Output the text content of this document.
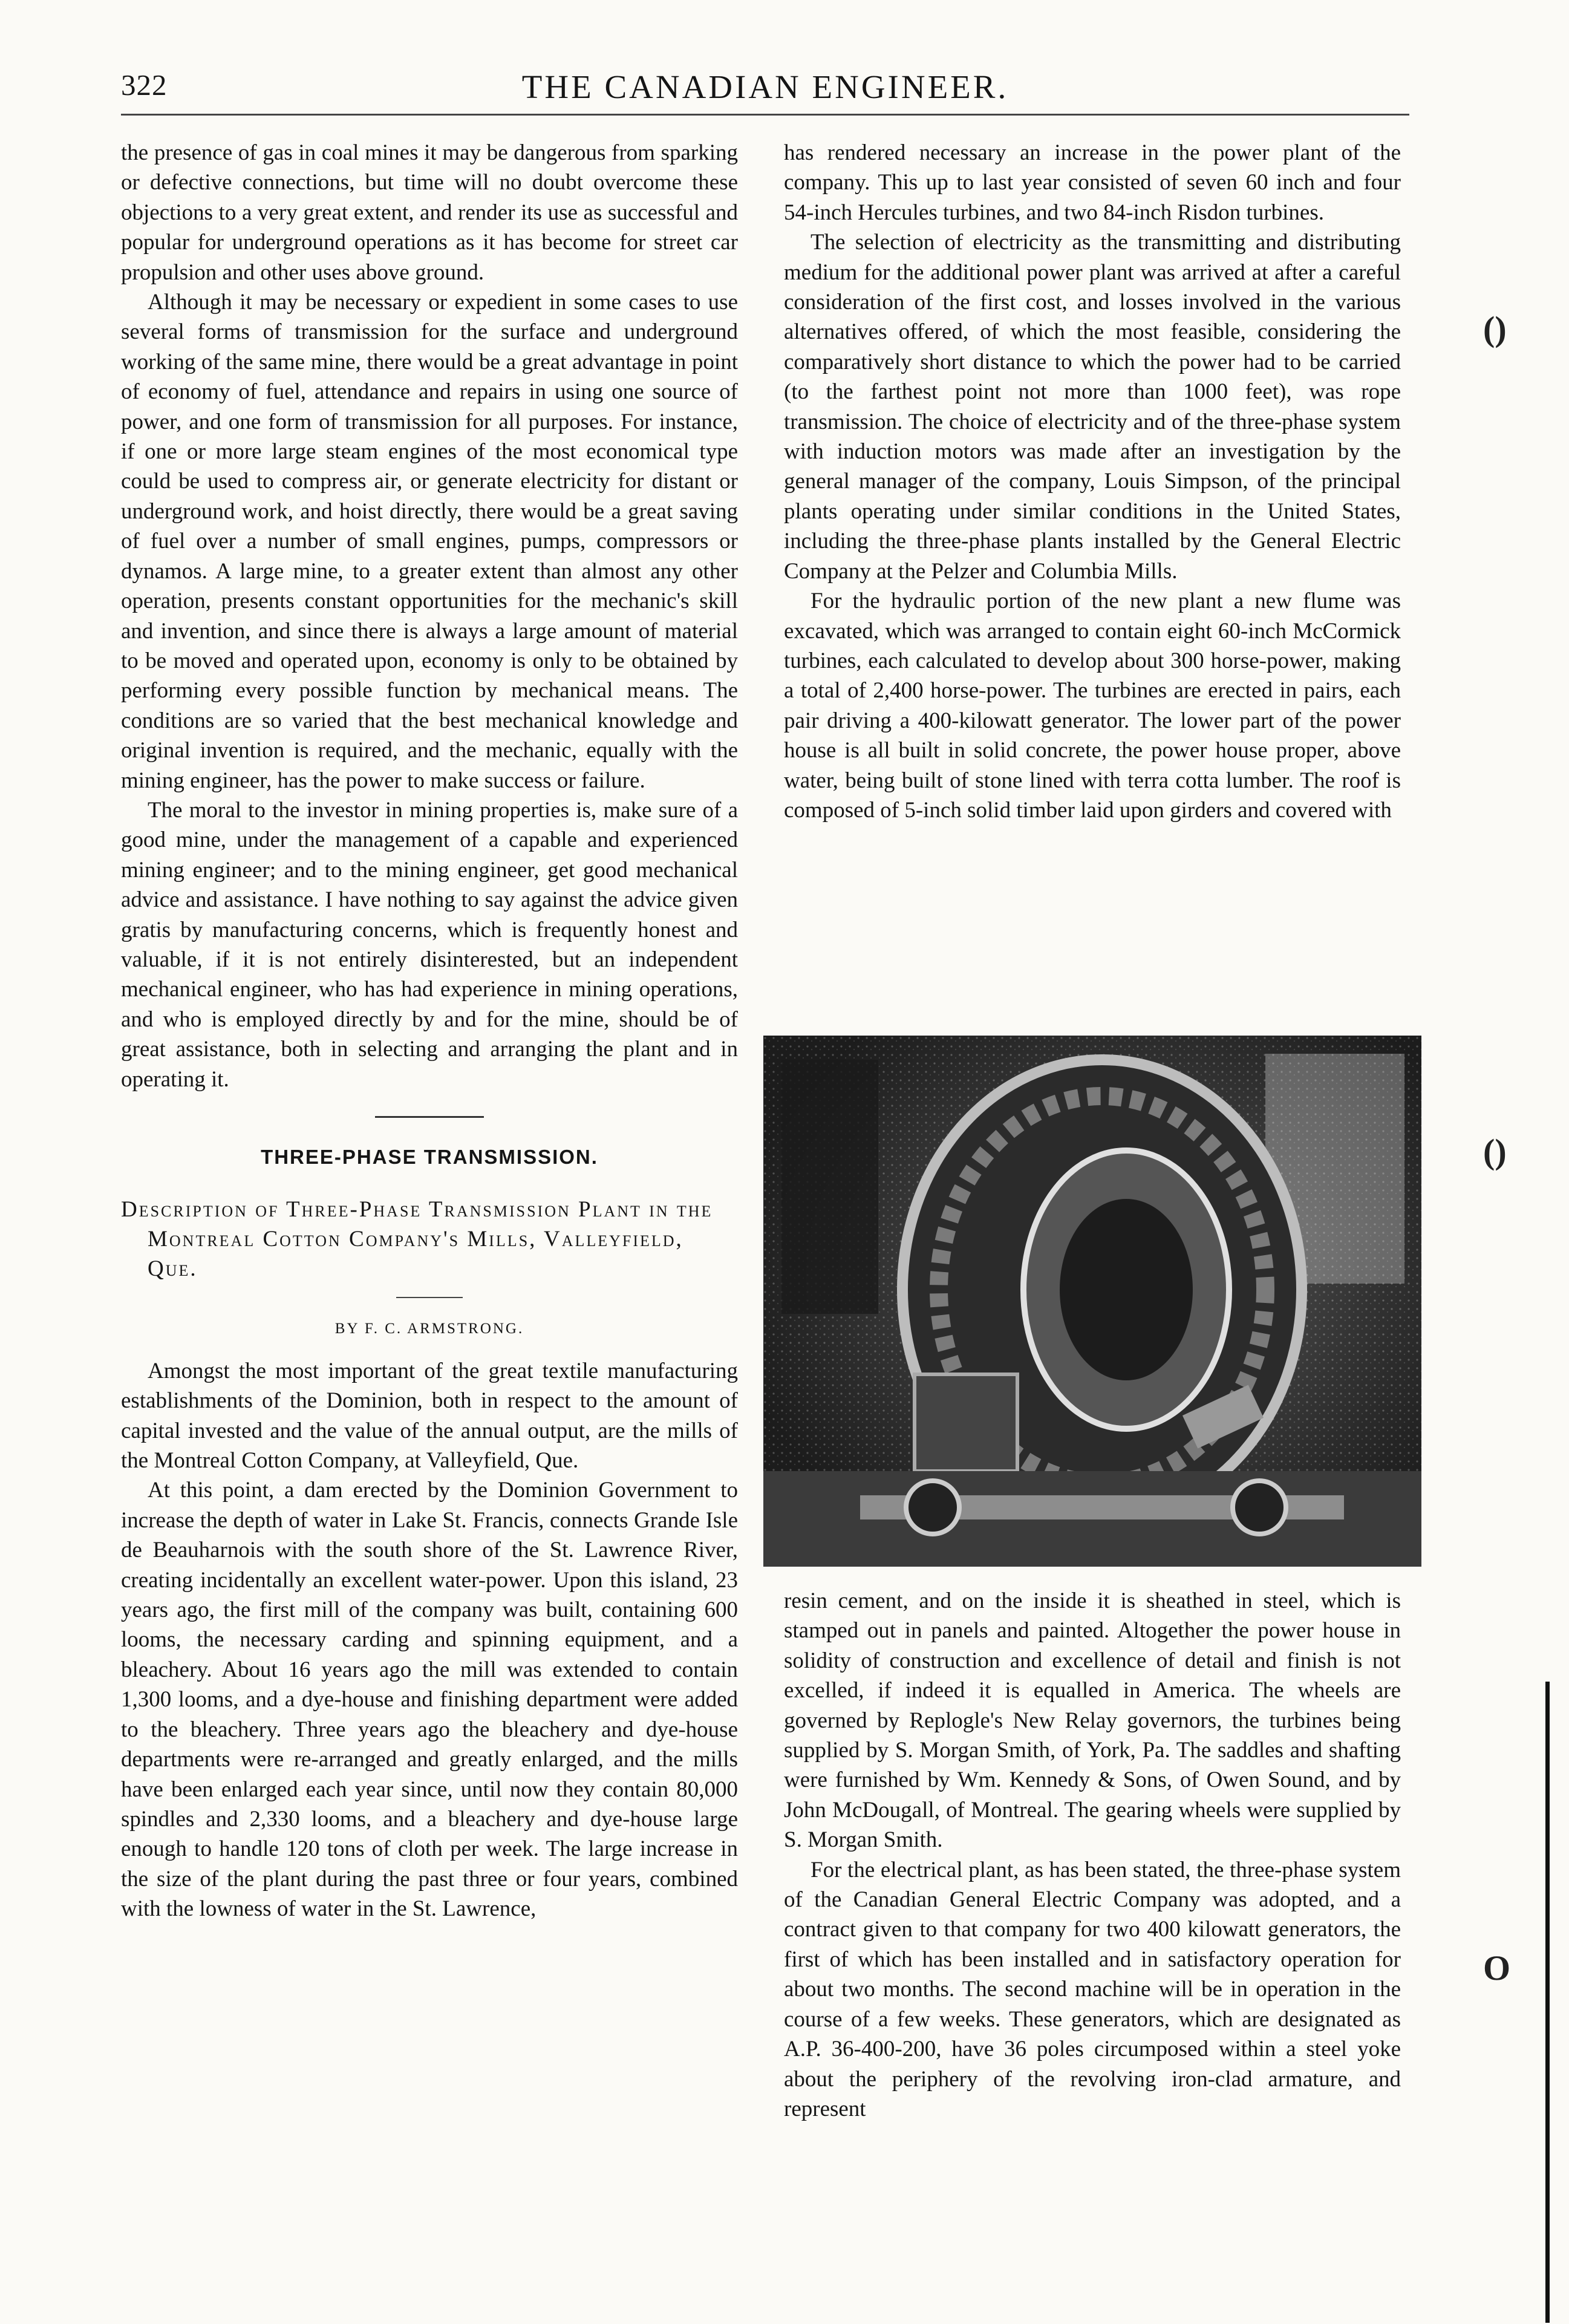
322	THE CANADIAN ENGINEER.

the presence of gas in coal mines it may be dangerous from sparking or defective connections, but time will no doubt overcome these objections to a very great extent, and render its use as successful and popular for underground operations as it has become for street car propulsion and other uses above ground.

Although it may be necessary or expedient in some cases to use several forms of transmission for the surface and underground working of the same mine, there would be a great advantage in point of economy of fuel, attendance and repairs in using one source of power, and one form of transmission for all purposes. For instance, if one or more large steam engines of the most economical type could be used to compress air, or generate electricity for distant or underground work, and hoist directly, there would be a great saving of fuel over a number of small engines, pumps, compressors or dynamos. A large mine, to a greater extent than almost any other operation, presents constant opportunities for the mechanic's skill and invention, and since there is always a large amount of material to be moved and operated upon, economy is only to be obtained by performing every possible function by mechanical means. The conditions are so varied that the best mechanical knowledge and original invention is required, and the mechanic, equally with the mining engineer, has the power to make success or failure.

The moral to the investor in mining properties is, make sure of a good mine, under the management of a capable and experienced mining engineer; and to the mining engineer, get good mechanical advice and assistance. I have nothing to say against the advice given gratis by manufacturing concerns, which is frequently honest and valuable, if it is not entirely disinterested, but an independent mechanical engineer, who has had experience in mining operations, and who is employed directly by and for the mine, should be of great assistance, both in selecting and arranging the plant and in operating it.

THREE-PHASE TRANSMISSION.
Description of Three-Phase Transmission Plant in the Montreal Cotton Company's Mills, Valleyfield, Que.
BY F. C. ARMSTRONG.

Amongst the most important of the great textile manufacturing establishments of the Dominion, both in respect to the amount of capital invested and the value of the annual output, are the mills of the Montreal Cotton Company, at Valleyfield, Que.

At this point, a dam erected by the Dominion Government to increase the depth of water in Lake St. Francis, connects Grande Isle de Beauharnois with the south shore of the St. Lawrence River, creating incidentally an excellent water-power. Upon this island, 23 years ago, the first mill of the company was built, containing 600 looms, the necessary carding and spinning equipment, and a bleachery. About 16 years ago the mill was extended to contain 1,300 looms, and a dye-house and finishing department were added to the bleachery. Three years ago the bleachery and dye-house departments were re-arranged and greatly enlarged, and the mills have been enlarged each year since, until now they contain 80,000 spindles and 2,330 looms, and a bleachery and dye-house large enough to handle 120 tons of cloth per week. The large increase in the size of the plant during the past three or four years, combined with the lowness of water in the St. Lawrence,

has rendered necessary an increase in the power plant of the company. This up to last year consisted of seven 60 inch and four 54-inch Hercules turbines, and two 84-inch Risdon turbines.

The selection of electricity as the transmitting and distributing medium for the additional power plant was arrived at after a careful consideration of the first cost, and losses involved in the various alternatives offered, of which the most feasible, considering the comparatively short distance to which the power had to be carried (to the farthest point not more than 1000 feet), was rope transmission. The choice of electricity and of the three-phase system with induction motors was made after an investigation by the general manager of the company, Louis Simpson, of the principal plants operating under similar conditions in the United States, including the three-phase plants installed by the General Electric Company at the Pelzer and Columbia Mills.

For the hydraulic portion of the new plant a new flume was excavated, which was arranged to contain eight 60-inch McCormick turbines, each calculated to develop about 300 horse-power, making a total of 2,400 horse-power. The turbines are erected in pairs, each pair driving a 400-kilowatt generator. The lower part of the power house is all built in solid concrete, the power house proper, above water, being built of stone lined with terra cotta lumber. The roof is composed of 5-inch solid timber laid upon girders and covered with

resin cement, and on the inside it is sheathed in steel, which is stamped out in panels and painted. Altogether the power house in solidity of construction and excellence of detail and finish is not excelled, if indeed it is equalled in America. The wheels are governed by Replogle's New Relay governors, the turbines being supplied by S. Morgan Smith, of York, Pa. The saddles and shafting were furnished by Wm. Kennedy & Sons, of Owen Sound, and by John McDougall, of Montreal. The gearing wheels were supplied by S. Morgan Smith.

For the electrical plant, as has been stated, the three-phase system of the Canadian General Electric Company was adopted, and a contract given to that company for two 400 kilowatt generators, the first of which has been installed and in satisfactory operation for about two months. The second machine will be in operation in the course of a few weeks. These generators, which are designated as A.P. 36-400-200, have 36 poles circumposed within a steel yoke about the periphery of the revolving iron-clad armature, and represent

()
()
O
